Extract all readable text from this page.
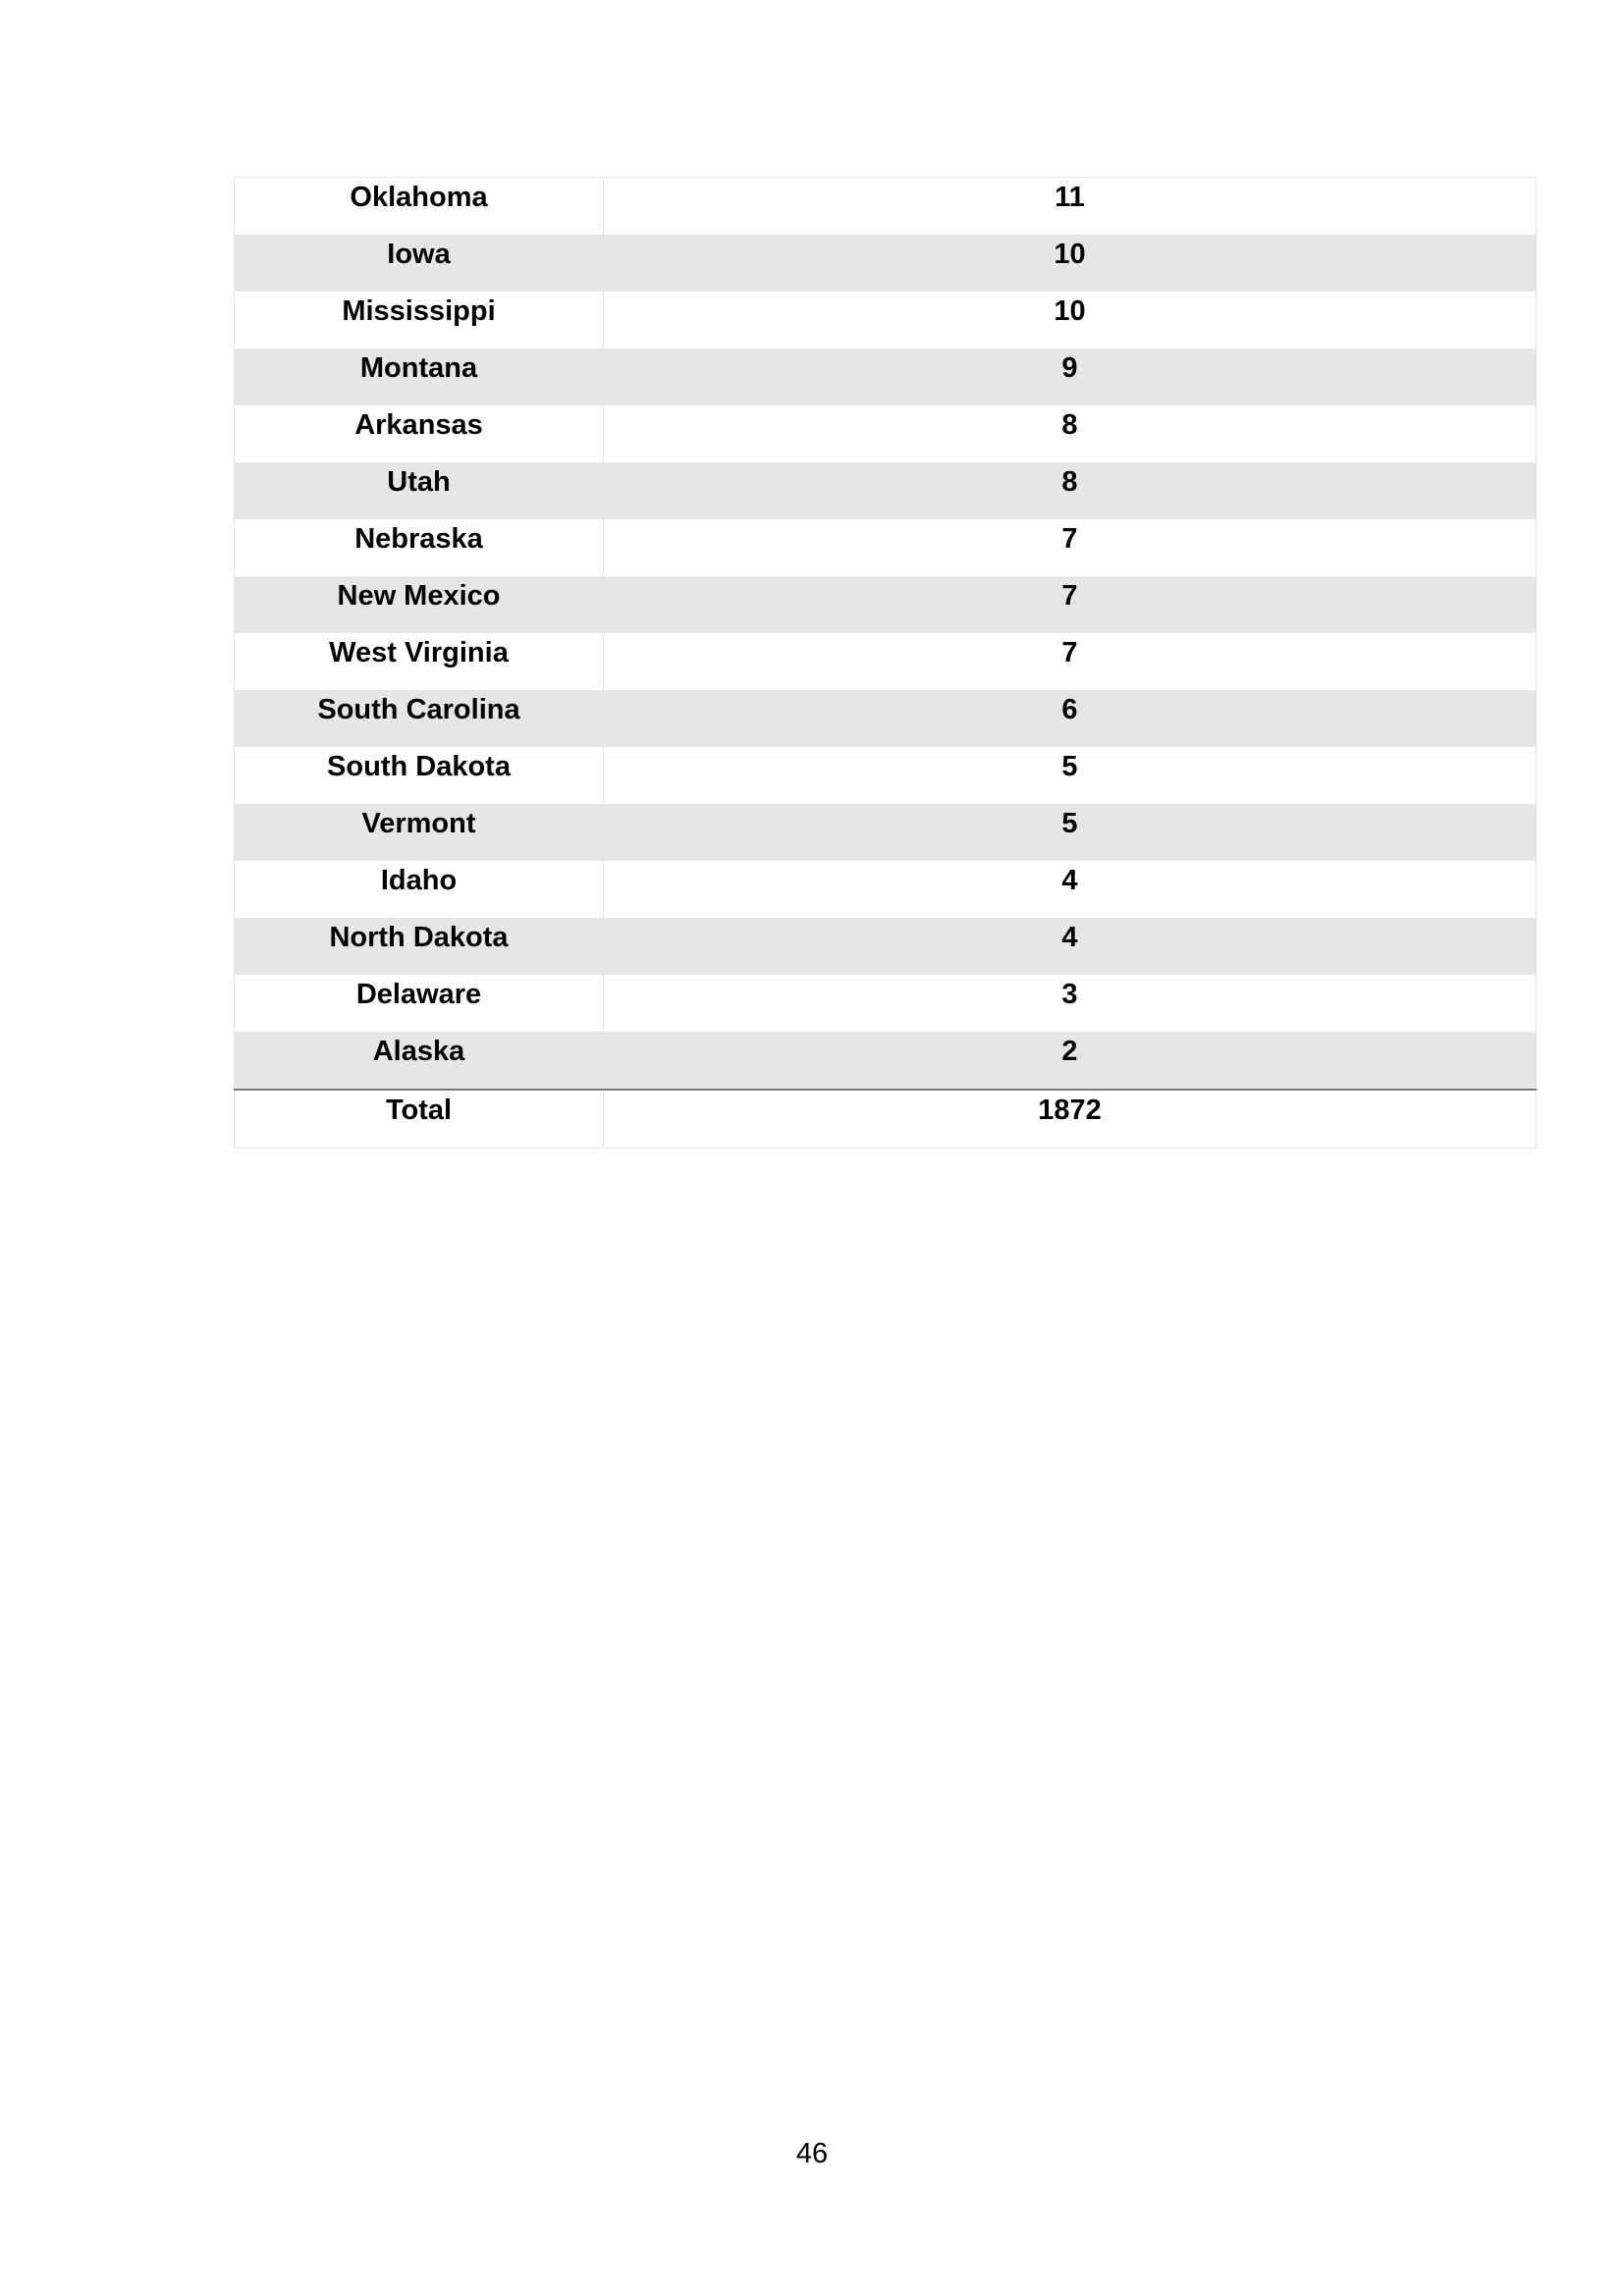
Oklahoma	11
Iowa	10
Mississippi	10
Montana	9
Arkansas	8
Utah	8
Nebraska	7
New Mexico	7
West Virginia	7
South Carolina	6
South Dakota	5
Vermont	5
Idaho	4
North Dakota	4
Delaware	3
Alaska	2
Total	1872
46
